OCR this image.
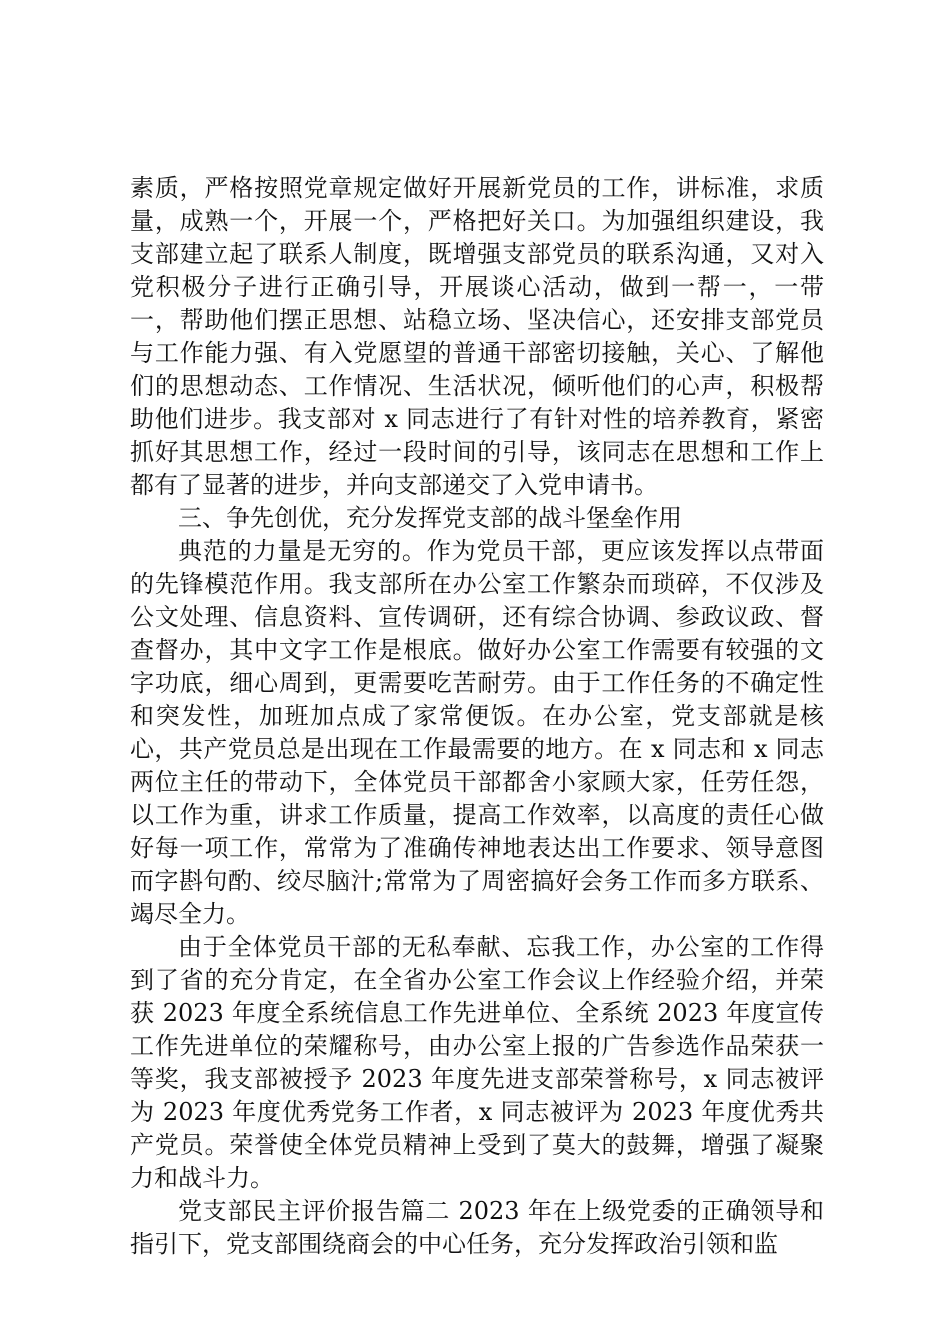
素质，严格按照党章规定做好开展新党员的工作，讲标准，求质量，成熟一个，开展一个，严格把好关口。为加强组织建设，我支部建立起了联系人制度，既增强支部党员的联系沟通，又对入党积极分子进行正确引导，开展谈心活动，做到一帮一，一带一，帮助他们摆正思想、站稳立场、坚决信心，还安排支部党员与工作能力强、有入党愿望的普通干部密切接触，关心、了解他们的思想动态、工作情况、生活状况，倾听他们的心声，积极帮助他们进步。我支部对 x 同志进行了有针对性的培养教育，紧密抓好其思想工作，经过一段时间的引导，该同志在思想和工作上都有了显著的进步，并向支部递交了入党申请书。

三、争先创优，充分发挥党支部的战斗堡垒作用

典范的力量是无穷的。作为党员干部，更应该发挥以点带面的先锋模范作用。我支部所在办公室工作繁杂而琐碎，不仅涉及公文处理、信息资料、宣传调研，还有综合协调、参政议政、督查督办，其中文字工作是根底。做好办公室工作需要有较强的文字功底，细心周到，更需要吃苦耐劳。由于工作任务的不确定性和突发性，加班加点成了家常便饭。在办公室，党支部就是核心，共产党员总是出现在工作最需要的地方。在 x 同志和 x 同志两位主任的带动下，全体党员干部都舍小家顾大家，任劳任怨，以工作为重，讲求工作质量，提高工作效率，以高度的责任心做好每一项工作，常常为了准确传神地表达出工作要求、领导意图而字斟句酌、绞尽脑汁;常常为了周密搞好会务工作而多方联系、竭尽全力。

由于全体党员干部的无私奉献、忘我工作，办公室的工作得到了省的充分肯定，在全省办公室工作会议上作经验介绍，并荣获 2023 年度全系统信息工作先进单位、全系统 2023 年度宣传工作先进单位的荣耀称号，由办公室上报的广告参选作品荣获一等奖，我支部被授予 2023 年度先进支部荣誉称号，x 同志被评为 2023 年度优秀党务工作者，x 同志被评为 2023 年度优秀共产党员。荣誉使全体党员精神上受到了莫大的鼓舞，增强了凝聚力和战斗力。

党支部民主评价报告篇二 2023 年在上级党委的正确领导和指引下，党支部围绕商会的中心任务，充分发挥政治引领和监
